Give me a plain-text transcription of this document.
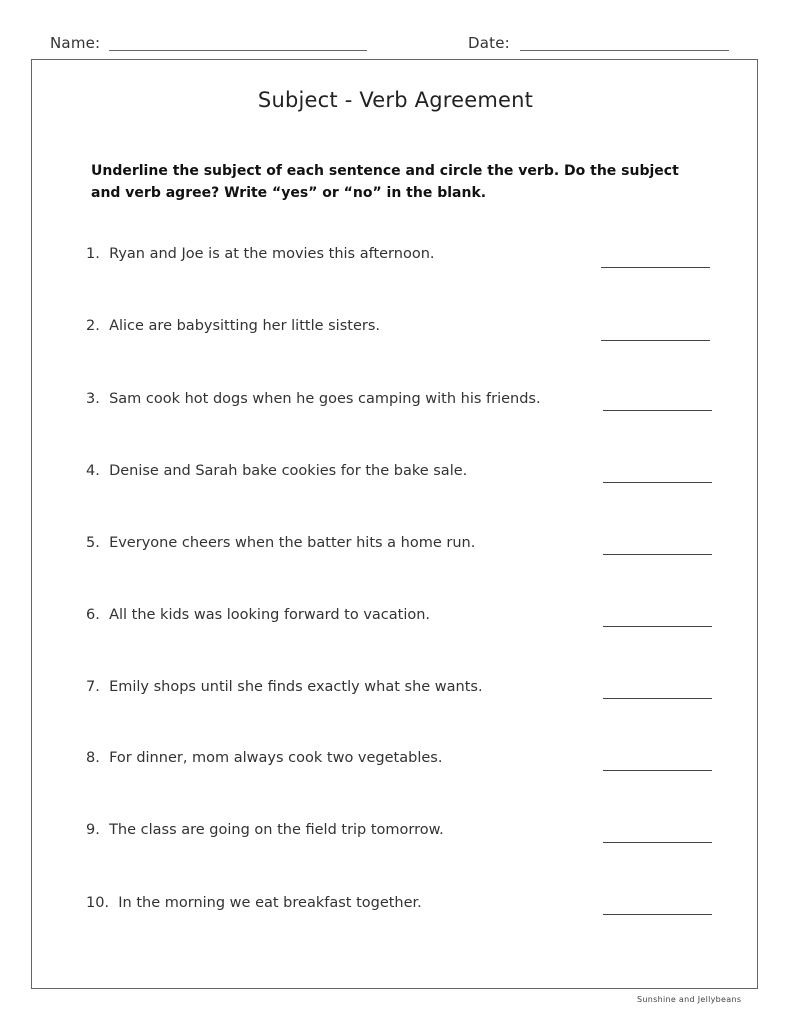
Name:	Date:
Subject - Verb Agreement
Underline the subject of each sentence and circle the verb. Do the subject and verb agree? Write “yes” or “no” in the blank.
1. Ryan and Joe is at the movies this afternoon.
2. Alice are babysitting her little sisters.
3. Sam cook hot dogs when he goes camping with his friends.
4. Denise and Sarah bake cookies for the bake sale.
5. Everyone cheers when the batter hits a home run.
6. All the kids was looking forward to vacation.
7. Emily shops until she finds exactly what she wants.
8. For dinner, mom always cook two vegetables.
9. The class are going on the field trip tomorrow.
10. In the morning we eat breakfast together.
Sunshine and Jellybeans
